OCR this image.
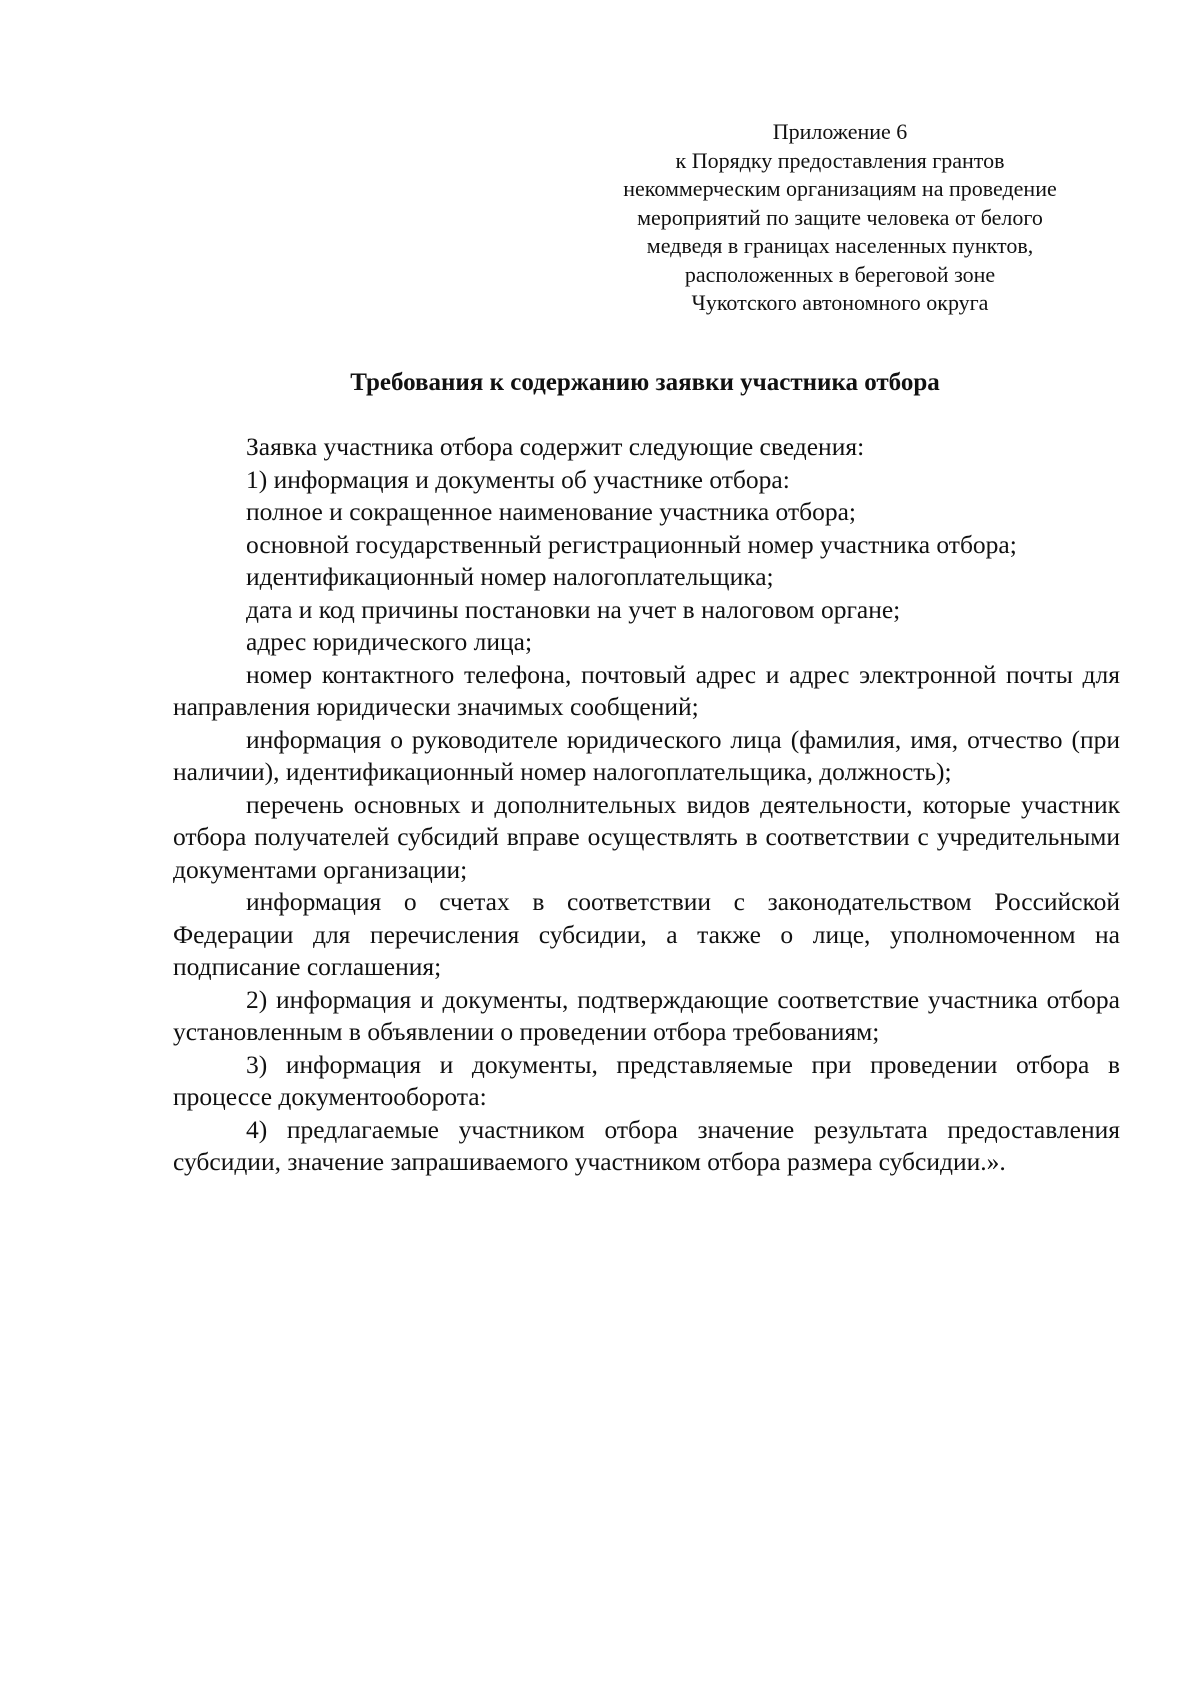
Приложение 6
к Порядку предоставления грантов
некоммерческим организациям на проведение
мероприятий по защите человека от белого
медведя в границах населенных пунктов,
расположенных в береговой зоне
Чукотского автономного округа
Требования к содержанию заявки участника отбора

Заявка участника отбора содержит следующие сведения:

1) информация и документы об участнике отбора:

полное и сокращенное наименование участника отбора;

основной государственный регистрационный номер участника отбора;

идентификационный номер налогоплательщика;

дата и код причины постановки на учет в налоговом органе;

адрес юридического лица;

номер контактного телефона, почтовый адрес и адрес электронной почты для направления юридически значимых сообщений;

информация о руководителе юридического лица (фамилия, имя, отчество (при наличии), идентификационный номер налогоплательщика, должность);

перечень основных и дополнительных видов деятельности, которые участник отбора получателей субсидий вправе осуществлять в соответствии с учредительными документами организации;

информация о счетах в соответствии с законодательством Российской Федерации для перечисления субсидии, а также о лице, уполномоченном на подписание соглашения;

2) информация и документы, подтверждающие соответствие участника отбора установленным в объявлении о проведении отбора требованиям;

3) информация и документы, представляемые при проведении отбора в процессе документооборота:

4) предлагаемые участником отбора значение результата предоставления субсидии, значение запрашиваемого участником отбора размера субсидии.».
